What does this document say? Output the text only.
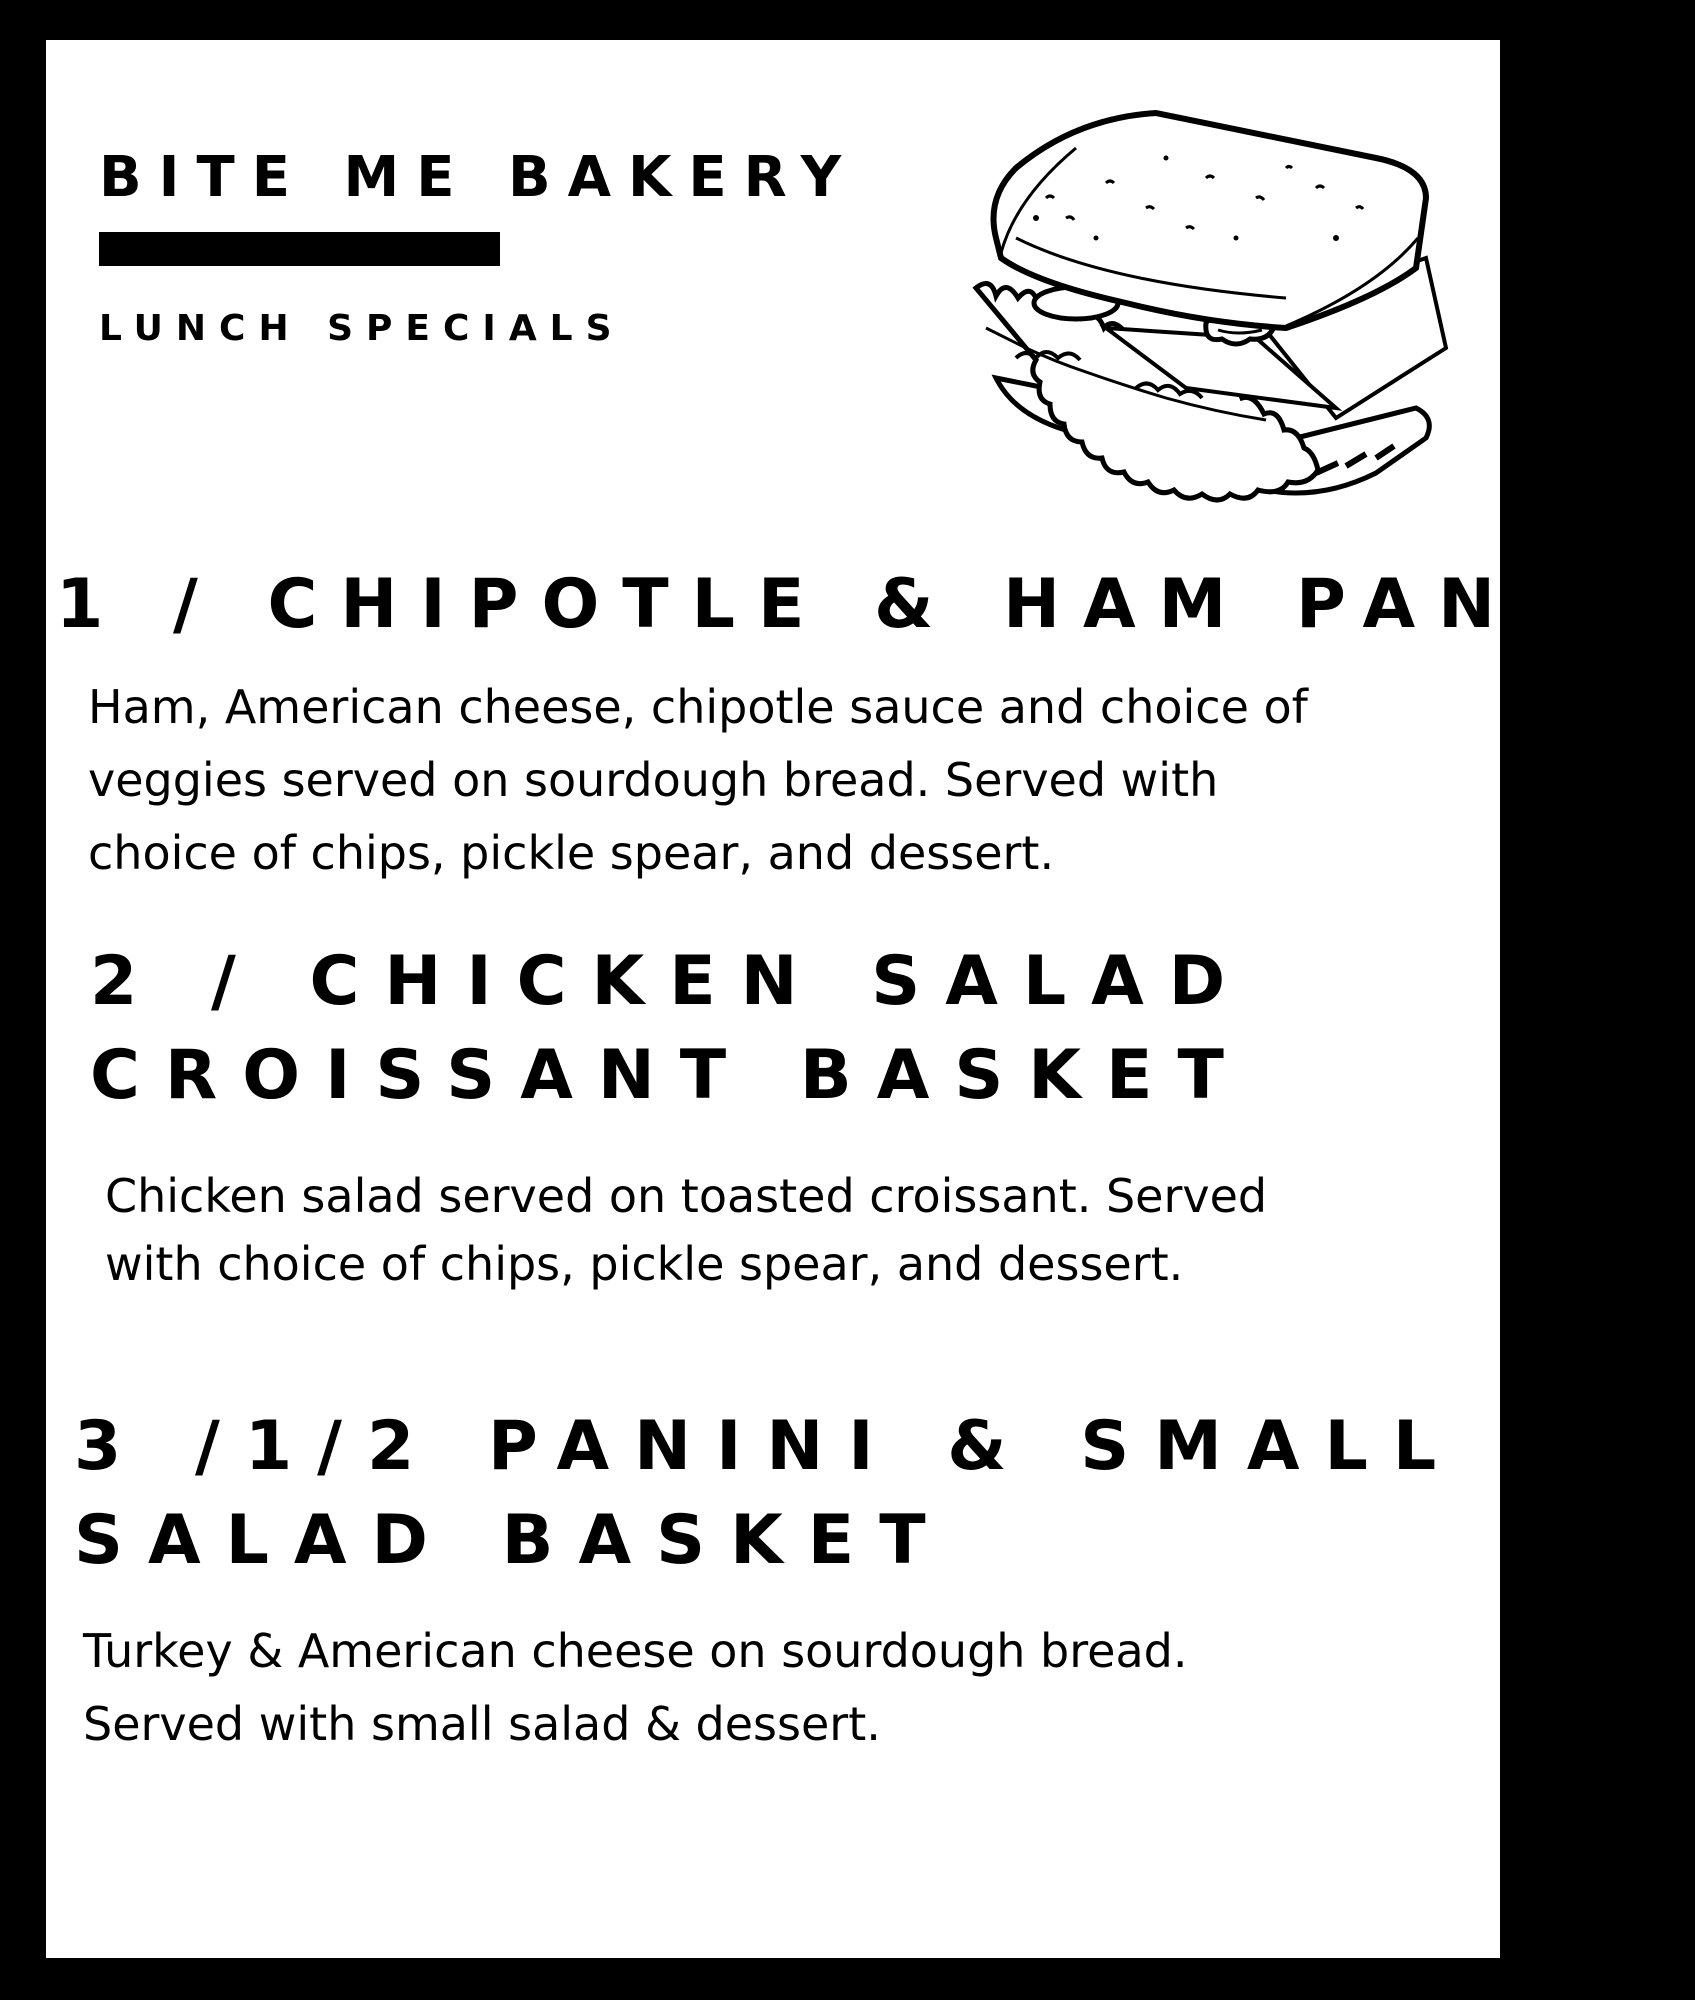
BITE ME BAKERY
LUNCH SPECIALS
1 / CHIPOTLE & HAM PANINI
Ham, American cheese, chipotle sauce and choice of
veggies served on sourdough bread. Served with
choice of chips, pickle spear, and dessert.
2 / CHICKEN SALAD
CROISSANT BASKET
Chicken salad served on toasted croissant. Served
with choice of chips, pickle spear, and dessert.
3 /1/2 PANINI & SMALL
SALAD BASKET
Turkey & American cheese on sourdough bread.
Served with small salad & dessert.
